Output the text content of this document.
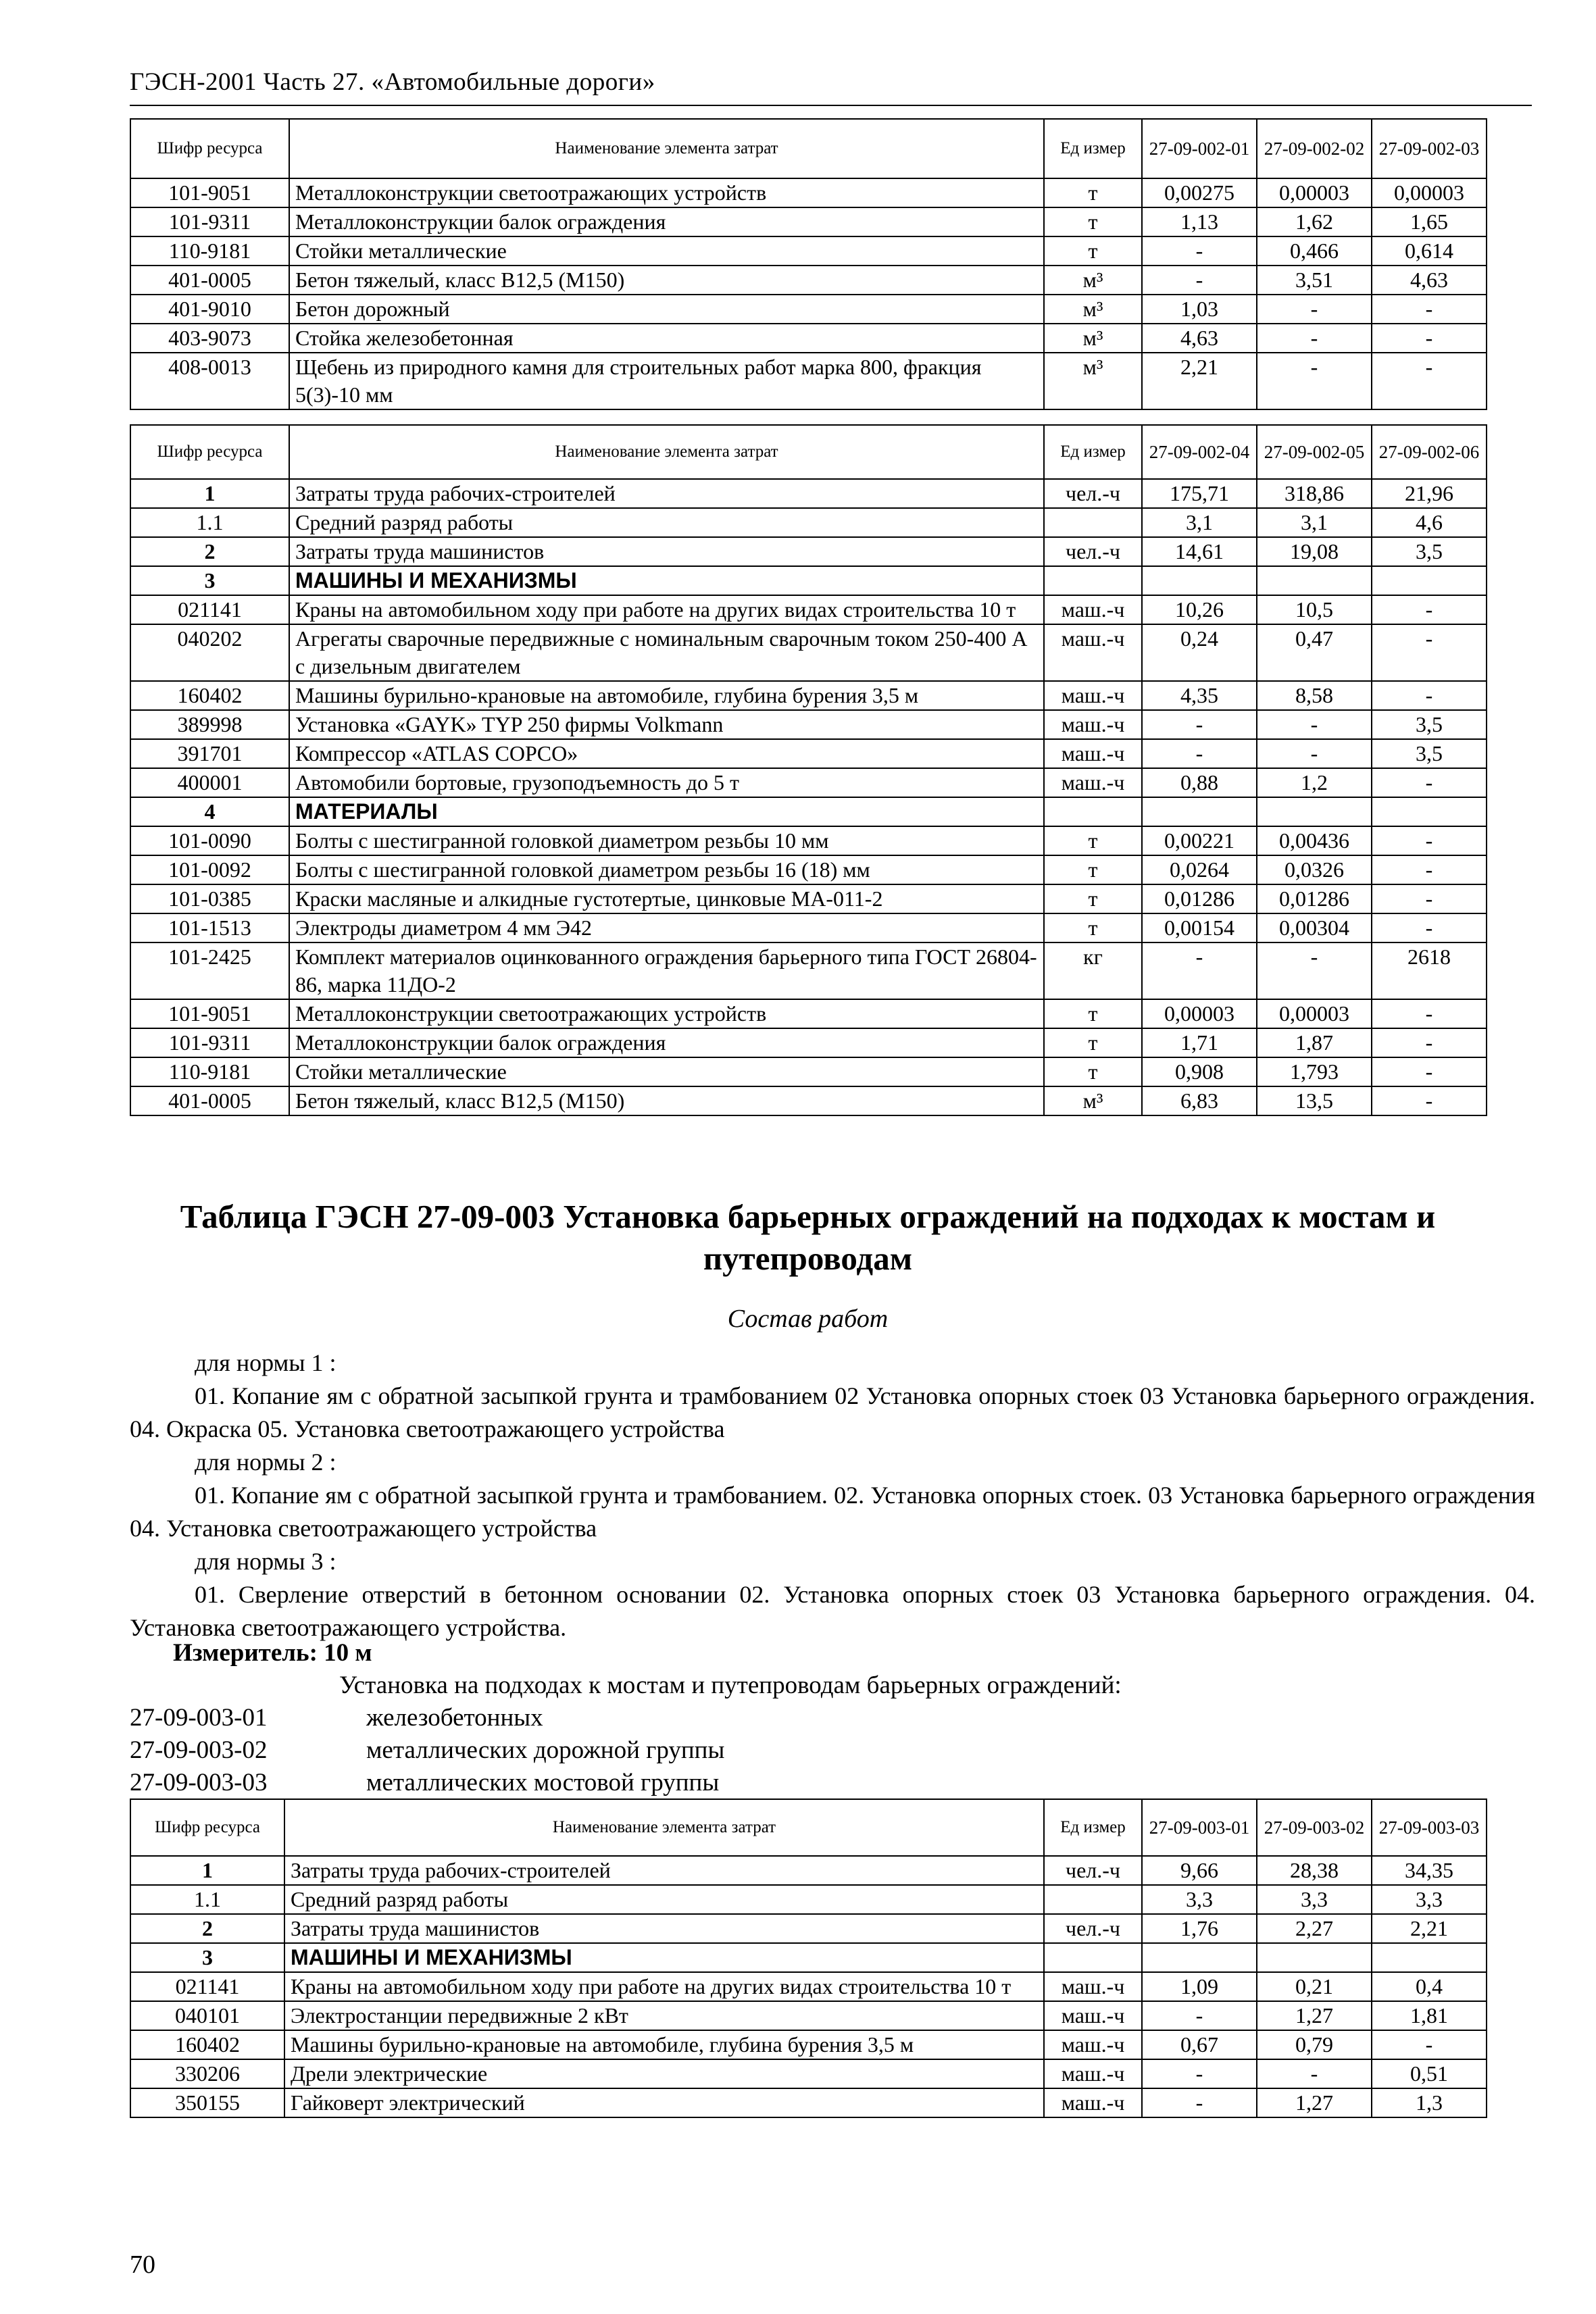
ГЭСН-2001 Часть 27. «Автомобильные дороги»
Шифр ресурса	Наименование элемента затрат	Ед измер	27-09-002-01	27-09-002-02	27-09-002-03
101-9051	Металлоконструкции светоотражающих устройств	т	0,00275	0,00003	0,00003
101-9311	Металлоконструкции балок ограждения	т	1,13	1,62	1,65
110-9181	Стойки металлические	т	-	0,466	0,614
401-0005	Бетон тяжелый, класс В12,5 (М150)	м³	-	3,51	4,63
401-9010	Бетон дорожный	м³	1,03	-	-
403-9073	Стойка железобетонная	м³	4,63	-	-
408-0013	Щебень из природного камня для строительных работ марка 800, фракция 5(3)-10 мм	м³	2,21	-	-
Шифр ресурса	Наименование элемента затрат	Ед измер	27-09-002-04	27-09-002-05	27-09-002-06
1	Затраты труда рабочих-строителей	чел.-ч	175,71	318,86	21,96
1.1	Средний разряд работы		3,1	3,1	4,6
2	Затраты труда машинистов	чел.-ч	14,61	19,08	3,5
3	МАШИНЫ И МЕХАНИЗМЫ				
021141	Краны на автомобильном ходу при работе на других видах строительства 10 т	маш.-ч	10,26	10,5	-
040202	Агрегаты сварочные передвижные с номинальным сварочным током 250-400 А с дизельным двигателем	маш.-ч	0,24	0,47	-
160402	Машины бурильно-крановые на автомобиле, глубина бурения 3,5 м	маш.-ч	4,35	8,58	-
389998	Установка «GAYK» TYP 250 фирмы Volkmann	маш.-ч	-	-	3,5
391701	Компрессор «ATLAS COPCO»	маш.-ч	-	-	3,5
400001	Автомобили бортовые, грузоподъемность до 5 т	маш.-ч	0,88	1,2	-
4	МАТЕРИАЛЫ				
101-0090	Болты с шестигранной головкой диаметром резьбы 10 мм	т	0,00221	0,00436	-
101-0092	Болты с шестигранной головкой диаметром резьбы 16 (18) мм	т	0,0264	0,0326	-
101-0385	Краски масляные и алкидные густотертые, цинковые МА-011-2	т	0,01286	0,01286	-
101-1513	Электроды диаметром 4 мм Э42	т	0,00154	0,00304	-
101-2425	Комплект материалов оцинкованного ограждения барьерного типа ГОСТ 26804-86, марка 11ДО-2	кг	-	-	2618
101-9051	Металлоконструкции светоотражающих устройств	т	0,00003	0,00003	-
101-9311	Металлоконструкции балок ограждения	т	1,71	1,87	-
110-9181	Стойки металлические	т	0,908	1,793	-
401-0005	Бетон тяжелый, класс В12,5 (М150)	м³	6,83	13,5	-
Таблица ГЭСН 27-09-003 Установка барьерных ограждений на подходах к мостам и путепроводам
Состав работ
для нормы 1 :
01. Копание ям с обратной засыпкой грунта и трамбованием 02 Установка опорных стоек 03 Установка барьерного ограждения. 04. Окраска 05. Установка светоотражающего устройства
для нормы 2 :
01. Копание ям с обратной засыпкой грунта и трамбованием. 02. Установка опорных стоек. 03 Установка барьерного ограждения 04. Установка светоотражающего устройства
для нормы 3 :
01. Сверление отверстий в бетонном основании 02. Установка опорных стоек 03 Установка барьерного ограждения. 04. Установка светоотражающего устройства.
Измеритель: 10 м
Установка на подходах к мостам и путепроводам барьерных ограждений:
27-09-003-01	железобетонных
27-09-003-02	металлических дорожной группы
27-09-003-03	металлических мостовой группы
Шифр ресурса	Наименование элемента затрат	Ед измер	27-09-003-01	27-09-003-02	27-09-003-03
1	Затраты труда рабочих-строителей	чел.-ч	9,66	28,38	34,35
1.1	Средний разряд работы		3,3	3,3	3,3
2	Затраты труда машинистов	чел.-ч	1,76	2,27	2,21
3	МАШИНЫ И МЕХАНИЗМЫ				
021141	Краны на автомобильном ходу при работе на других видах строительства 10 т	маш.-ч	1,09	0,21	0,4
040101	Электростанции передвижные 2 кВт	маш.-ч	-	1,27	1,81
160402	Машины бурильно-крановые на автомобиле, глубина бурения 3,5 м	маш.-ч	0,67	0,79	-
330206	Дрели электрические	маш.-ч	-	-	0,51
350155	Гайковерт электрический	маш.-ч	-	1,27	1,3
70
